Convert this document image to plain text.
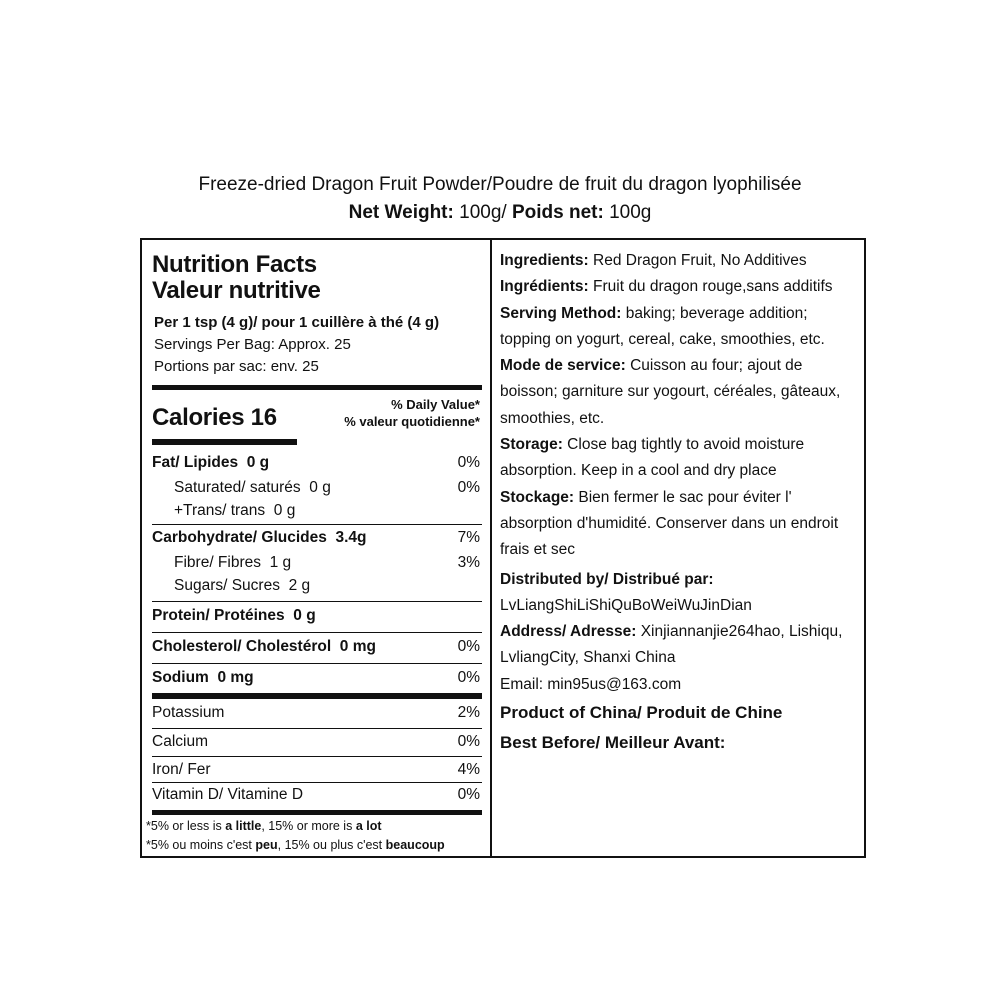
Freeze-dried Dragon Fruit Powder/Poudre de fruit du dragon lyophilisée
Net Weight: 100g/ Poids net: 100g
Nutrition Facts
Valeur nutritive
Per 1 tsp (4 g)/ pour 1 cuillère à thé (4 g)
Servings Per Bag: Approx. 25
Portions par sac: env. 25
% Daily Value*
% valeur quotidienne*
Calories 16
Fat/ Lipides 0 g	0%
Saturated/ saturés 0 g	0%
+Trans/ trans 0 g
Carbohydrate/ Glucides 3.4g	7%
Fibre/ Fibres 1 g	3%
Sugars/ Sucres 2 g
Protein/ Protéines 0 g
Cholesterol/ Cholestérol 0 mg	0%
Sodium 0 mg	0%
Potassium	2%
Calcium	0%
Iron/ Fer	4%
Vitamin D/ Vitamine D	0%
*5% or less is a little, 15% or more is a lot
*5% ou moins c'est peu, 15% ou plus c'est beaucoup

Ingredients: Red Dragon Fruit, No Additives

Ingrédients: Fruit du dragon rouge,sans additifs

Serving Method: baking; beverage addition; topping on yogurt, cereal, cake, smoothies, etc.

Mode de service: Cuisson au four; ajout de boisson; garniture sur yogourt, céréales, gâteaux, smoothies, etc.

Storage: Close bag tightly to avoid moisture absorption. Keep in a cool and dry place

Stockage: Bien fermer le sac pour éviter l' absorption d'humidité. Conserver dans un endroit frais et sec

Distributed by/ Distribué par:

LvLiangShiLiShiQuBoWeiWuJinDian

Address/ Adresse: Xinjiannanjie264hao, Lishiqu, LvliangCity, Shanxi China

Email: min95us@163.com

Product of China/ Produit de Chine

Best Before/ Meilleur Avant:
